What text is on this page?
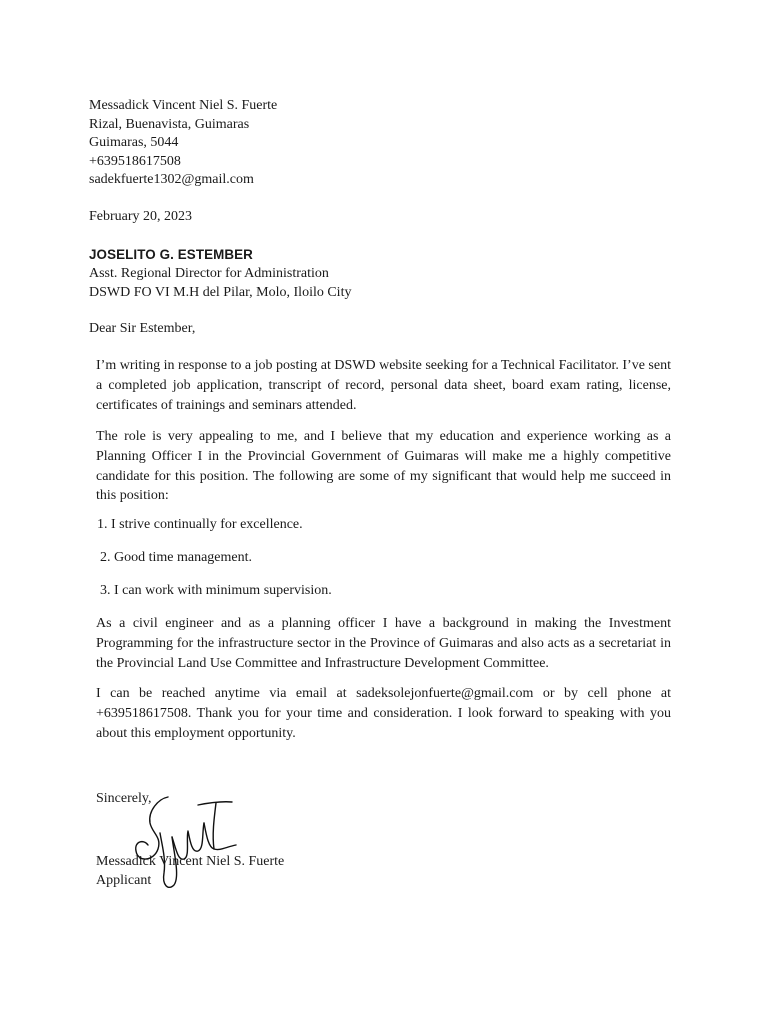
Messadick Vincent Niel S. Fuerte
Rizal, Buenavista, Guimaras
Guimaras, 5044
+639518617508
sadekfuerte1302@gmail.com
February 20, 2023
JOSELITO G. ESTEMBER
Asst. Regional Director for Administration
DSWD FO VI M.H del Pilar, Molo, Iloilo City
Dear Sir Estember,
I’m writing in response to a job posting at DSWD website seeking for a Technical Facilitator. I’ve sent a completed job application, transcript of record, personal data sheet, board exam rating, license, certificates of trainings and seminars attended.
The role is very appealing to me, and I believe that my education and experience working as a Planning Officer I in the Provincial Government of Guimaras will make me a highly competitive candidate for this position. The following are some of my significant that would help me succeed in this position:
1. I strive continually for excellence.
2. Good time management.
3. I can work with minimum supervision.
As a civil engineer and as a planning officer I have a background in making the Investment Programming for the infrastructure sector in the Province of Guimaras and also acts as a secretariat in the Provincial Land Use Committee and Infrastructure Development Committee.
I can be reached anytime via email at sadeksolejonfuerte@gmail.com or by cell phone at +639518617508. Thank you for your time and consideration. I look forward to speaking with you about this employment opportunity.
Sincerely,
Messadick Vincent Niel S. Fuerte
Applicant
